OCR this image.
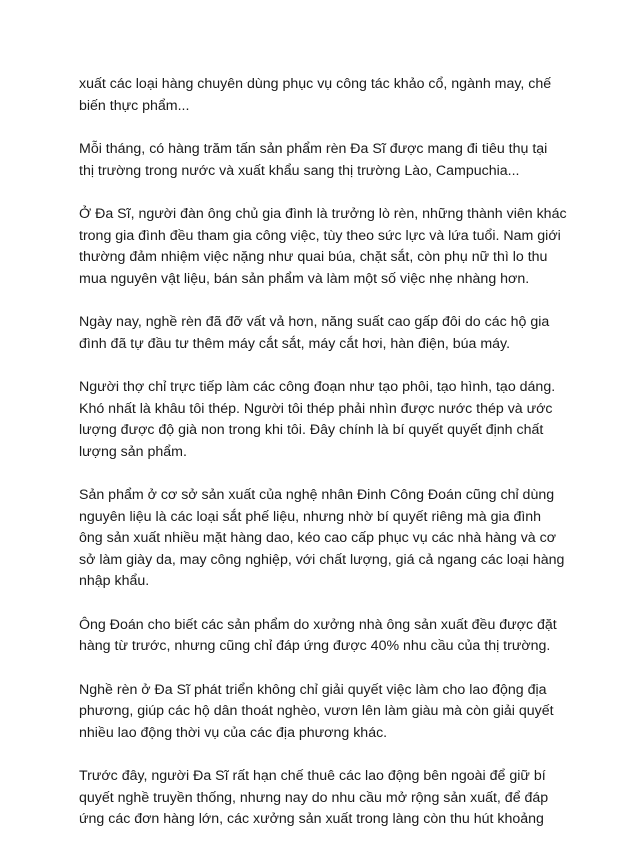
xuất các loại hàng chuyên dùng phục vụ công tác khảo cổ, ngành may, chế
biến thực phẩm...

Mỗi tháng, có hàng trăm tấn sản phẩm rèn Đa Sĩ được mang đi tiêu thụ tại
thị trường trong nước và xuất khẩu sang thị trường Lào, Campuchia...

Ở Đa Sĩ, người đàn ông chủ gia đình là trưởng lò rèn, những thành viên khác
trong gia đình đều tham gia công việc, tùy theo sức lực và lứa tuổi. Nam giới
thường đảm nhiệm việc nặng như quai búa, chặt sắt, còn phụ nữ thì lo thu
mua nguyên vật liệu, bán sản phẩm và làm một số việc nhẹ nhàng hơn.

Ngày nay, nghề rèn đã đỡ vất vả hơn, năng suất cao gấp đôi do các hộ gia
đình đã tự đầu tư thêm máy cắt sắt, máy cắt hơi, hàn điện, búa máy.

Người thợ chỉ trực tiếp làm các công đoạn như tạo phôi, tạo hình, tạo dáng.
Khó nhất là khâu tôi thép. Người tôi thép phải nhìn được nước thép và ước
lượng được độ già non trong khi tôi. Đây chính là bí quyết quyết định chất
lượng sản phẩm.

Sản phẩm ở cơ sở sản xuất của nghệ nhân Đinh Công Đoán cũng chỉ dùng
nguyên liệu là các loại sắt phế liệu, nhưng nhờ bí quyết riêng mà gia đình
ông sản xuất nhiều mặt hàng dao, kéo cao cấp phục vụ các nhà hàng và cơ
sở làm giày da, may công nghiệp, với chất lượng, giá cả ngang các loại hàng
nhập khẩu.

Ông Đoán cho biết các sản phẩm do xưởng nhà ông sản xuất đều được đặt
hàng từ trước, nhưng cũng chỉ đáp ứng được 40% nhu cầu của thị trường.

Nghề rèn ở Đa Sĩ phát triển không chỉ giải quyết việc làm cho lao động địa
phương, giúp các hộ dân thoát nghèo, vươn lên làm giàu mà còn giải quyết
nhiều lao động thời vụ của các địa phương khác.

Trước đây, người Đa Sĩ rất hạn chế thuê các lao động bên ngoài để giữ bí
quyết nghề truyền thống, nhưng nay do nhu cầu mở rộng sản xuất, để đáp
ứng các đơn hàng lớn, các xưởng sản xuất trong làng còn thu hút khoảng
